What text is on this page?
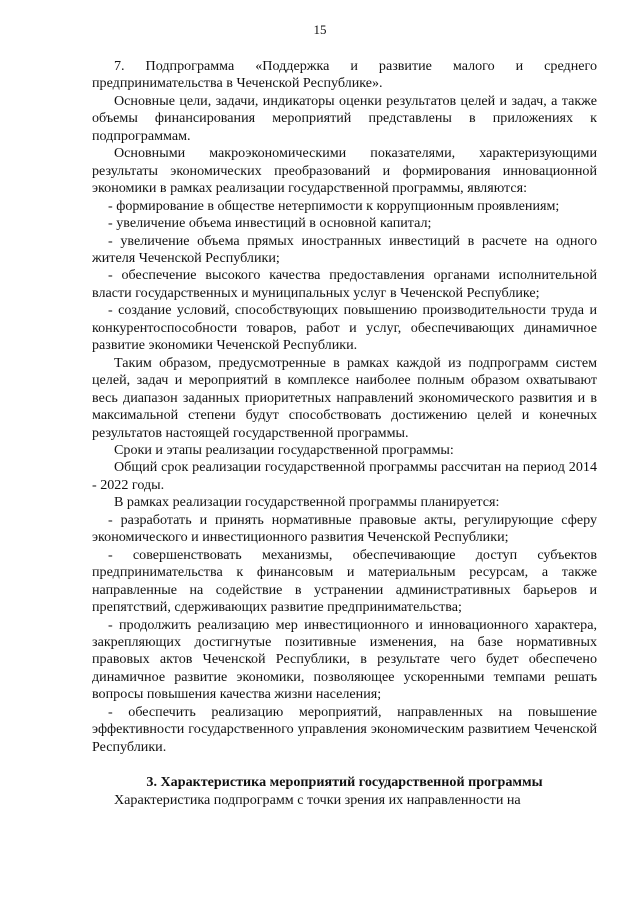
15

7. Подпрограмма «Поддержка и развитие малого и среднего предпринимательства в Чеченской Республике».

Основные цели, задачи, индикаторы оценки результатов целей и задач, а также объемы финансирования мероприятий представлены в приложениях к подпрограммам.

Основными макроэкономическими показателями, характеризующими результаты экономических преобразований и формирования инновационной экономики в рамках реализации государственной программы, являются:

- формирование в обществе нетерпимости к коррупционным проявлениям;

- увеличение объема инвестиций в основной капитал;

- увеличение объема прямых иностранных инвестиций в расчете на одного жителя Чеченской Республики;

- обеспечение высокого качества предоставления органами исполнительной власти государственных и муниципальных услуг в Чеченской Республике;

- создание условий, способствующих повышению производительности труда и конкурентоспособности товаров, работ и услуг, обеспечивающих динамичное развитие экономики Чеченской Республики.

Таким образом, предусмотренные в рамках каждой из подпрограмм систем целей, задач и мероприятий в комплексе наиболее полным образом охватывают весь диапазон заданных приоритетных направлений экономического развития и в максимальной степени будут способствовать достижению целей и конечных результатов настоящей государственной программы.

Сроки и этапы реализации государственной программы:

Общий срок реализации государственной программы рассчитан на период 2014 - 2022 годы.

В рамках реализации государственной программы планируется:

- разработать и принять нормативные правовые акты, регулирующие сферу экономического и инвестиционного развития Чеченской Республики;

- совершенствовать механизмы, обеспечивающие доступ субъектов предпринимательства к финансовым и материальным ресурсам, а также направленные на содействие в устранении административных барьеров и препятствий, сдерживающих развитие предпринимательства;

- продолжить реализацию мер инвестиционного и инновационного характера, закрепляющих достигнутые позитивные изменения, на базе нормативных правовых актов Чеченской Республики, в результате чего будет обеспечено динамичное развитие экономики, позволяющее ускоренными темпами решать вопросы повышения качества жизни населения;

- обеспечить реализацию мероприятий, направленных на повышение эффективности государственного управления экономическим развитием Чеченской Республики.

3. Характеристика мероприятий государственной программы

Характеристика подпрограмм с точки зрения их направленности на
